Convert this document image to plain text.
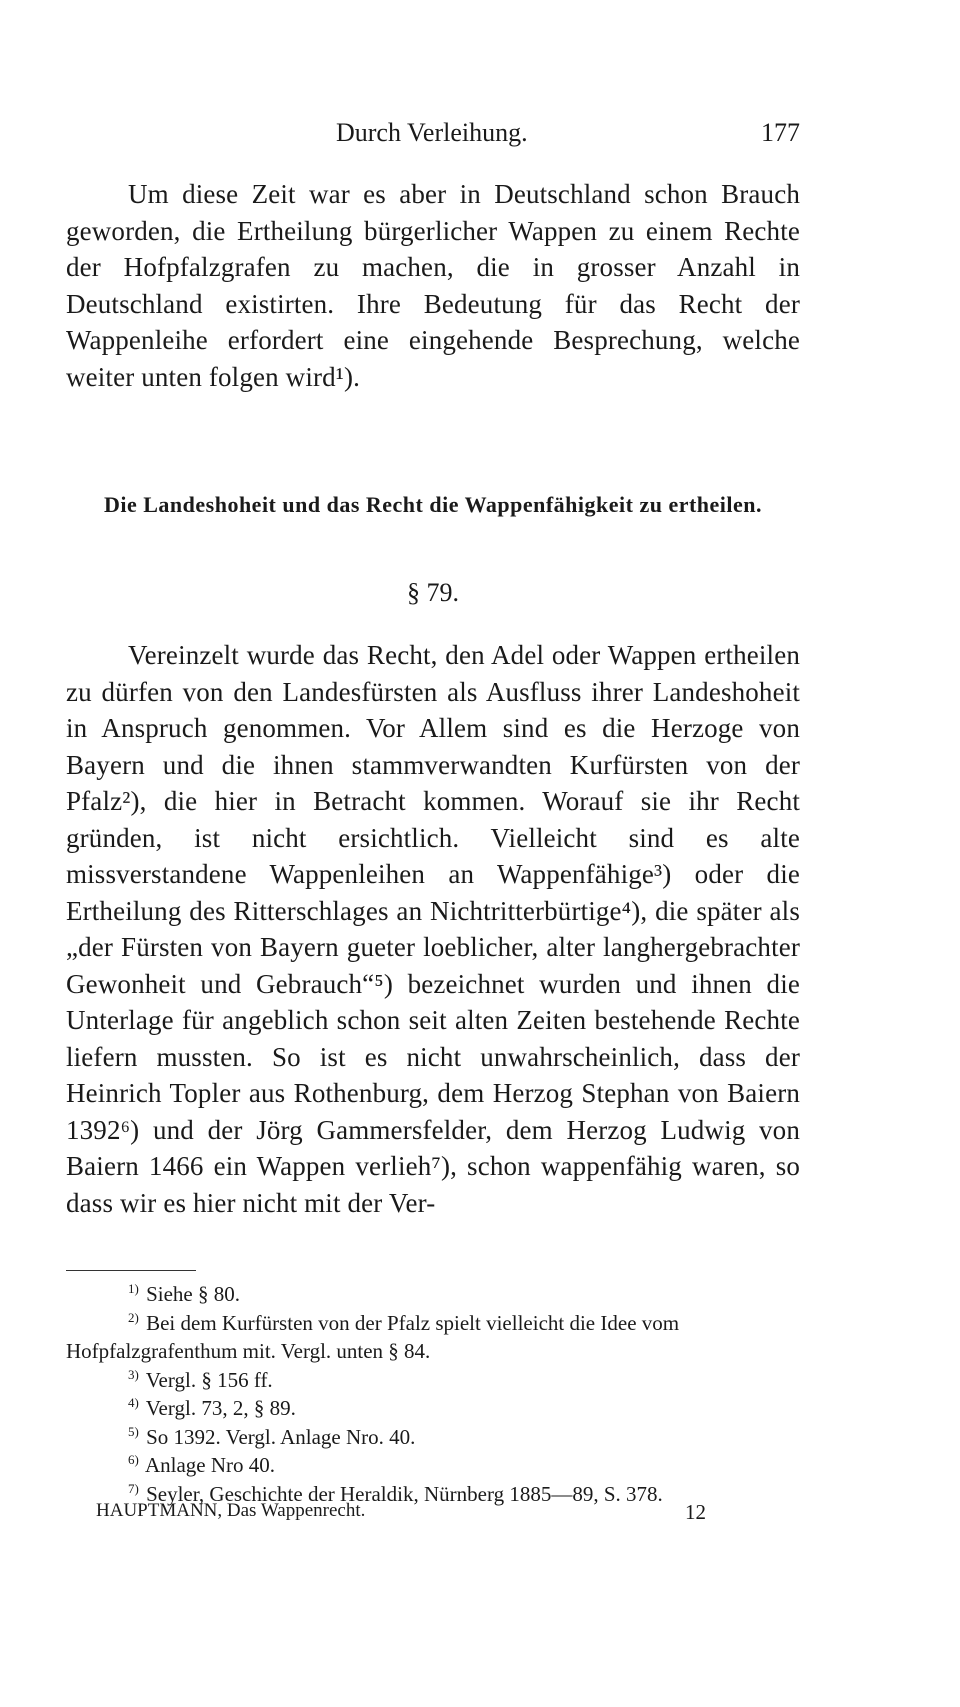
Durch Verleihung.	177

Um diese Zeit war es aber in Deutschland schon Brauch geworden, die Ertheilung bürgerlicher Wappen zu einem Rechte der Hofpfalzgrafen zu machen, die in grosser Anzahl in Deutschland existirten. Ihre Bedeutung für das Recht der Wappenleihe erfordert eine eingehende Besprechung, welche weiter unten folgen wird¹).

Die Landeshoheit und das Recht die Wappenfähigkeit zu ertheilen.
§ 79.

Vereinzelt wurde das Recht, den Adel oder Wappen ertheilen zu dürfen von den Landesfürsten als Ausfluss ihrer Landeshoheit in Anspruch genommen. Vor Allem sind es die Herzoge von Bayern und die ihnen stammverwandten Kurfürsten von der Pfalz²), die hier in Betracht kommen. Worauf sie ihr Recht gründen, ist nicht ersichtlich. Vielleicht sind es alte missverstandene Wappenleihen an Wappenfähige³) oder die Ertheilung des Ritterschlages an Nichtritterbürtige⁴), die später als „der Fürsten von Bayern gueter loeblicher, alter langhergebrachter Gewonheit und Gebrauch“⁵) bezeichnet wurden und ihnen die Unterlage für angeblich schon seit alten Zeiten bestehende Rechte liefern mussten. So ist es nicht unwahrscheinlich, dass der Heinrich Topler aus Rothenburg, dem Herzog Stephan von Baiern 1392⁶) und der Jörg Gammersfelder, dem Herzog Ludwig von Baiern 1466 ein Wappen verlieh⁷), schon wappenfähig waren, so dass wir es hier nicht mit der Ver-

$^{1)}$ Siehe § 80.
$^{2)}$ Bei dem Kurfürsten von der Pfalz spielt vielleicht die Idee vom Hofpfalzgrafenthum mit. Vergl. unten § 84.
$^{3)}$ Vergl. § 156 ff.
$^{4)}$ Vergl. 73, 2, § 89.
$^{5)}$ So 1392. Vergl. Anlage Nro. 40.
$^{6)}$ Anlage Nro 40.
$^{7)}$ Seyler, Geschichte der Heraldik, Nürnberg 1885—89, S. 378.
HAUPTMANN, Das Wappenrecht.	12
